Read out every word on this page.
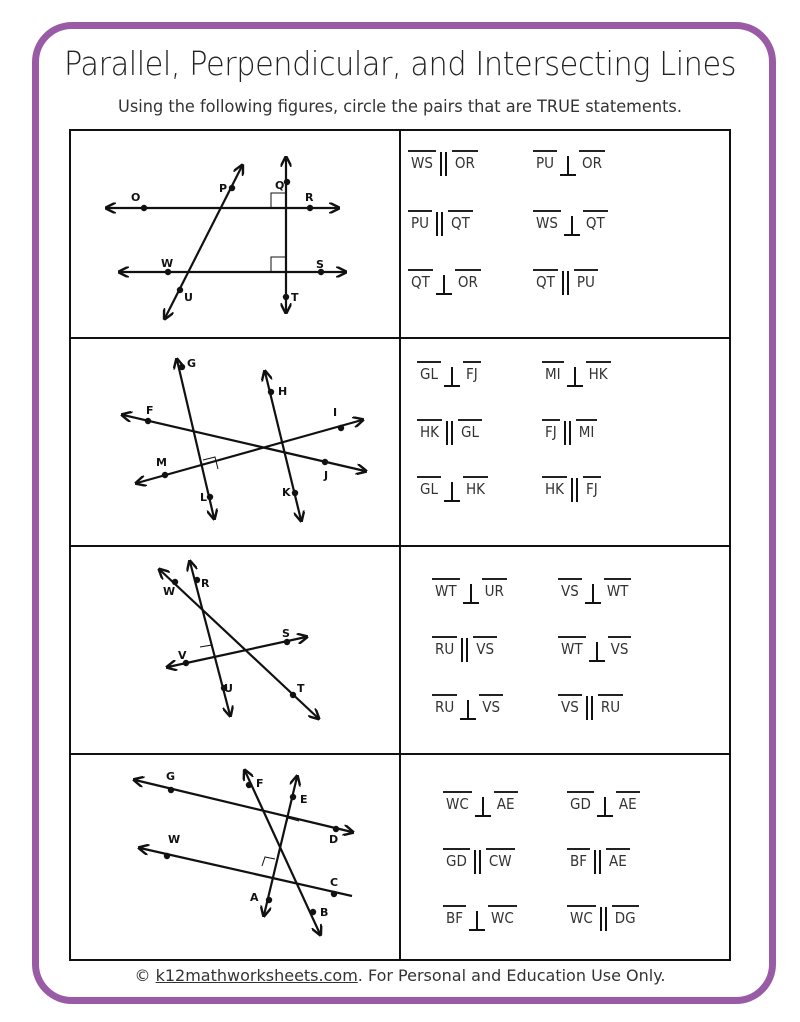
Parallel, Perpendicular, and Intersecting Lines
Using the following figures, circle the pairs that are TRUE statements.
O	R
W	S
P
U
Q
T
F
J
M
I
G
L
H
K
W
T
R
U
V
S
G
D
W
C
F
B
E
A
WS OR	PU OR
PU QT	WS QT
QT OR	QT PU
GL FJ	MI HK
HK GL	FJ MI
GL HK	HK FJ
WT UR	VS WT
RU VS	WT VS
RU VS	VS RU
WC AE	GD AE
GD CW	BF AE
BF WC	WC DG
© k12mathworksheets.com. For Personal and Education Use Only.
